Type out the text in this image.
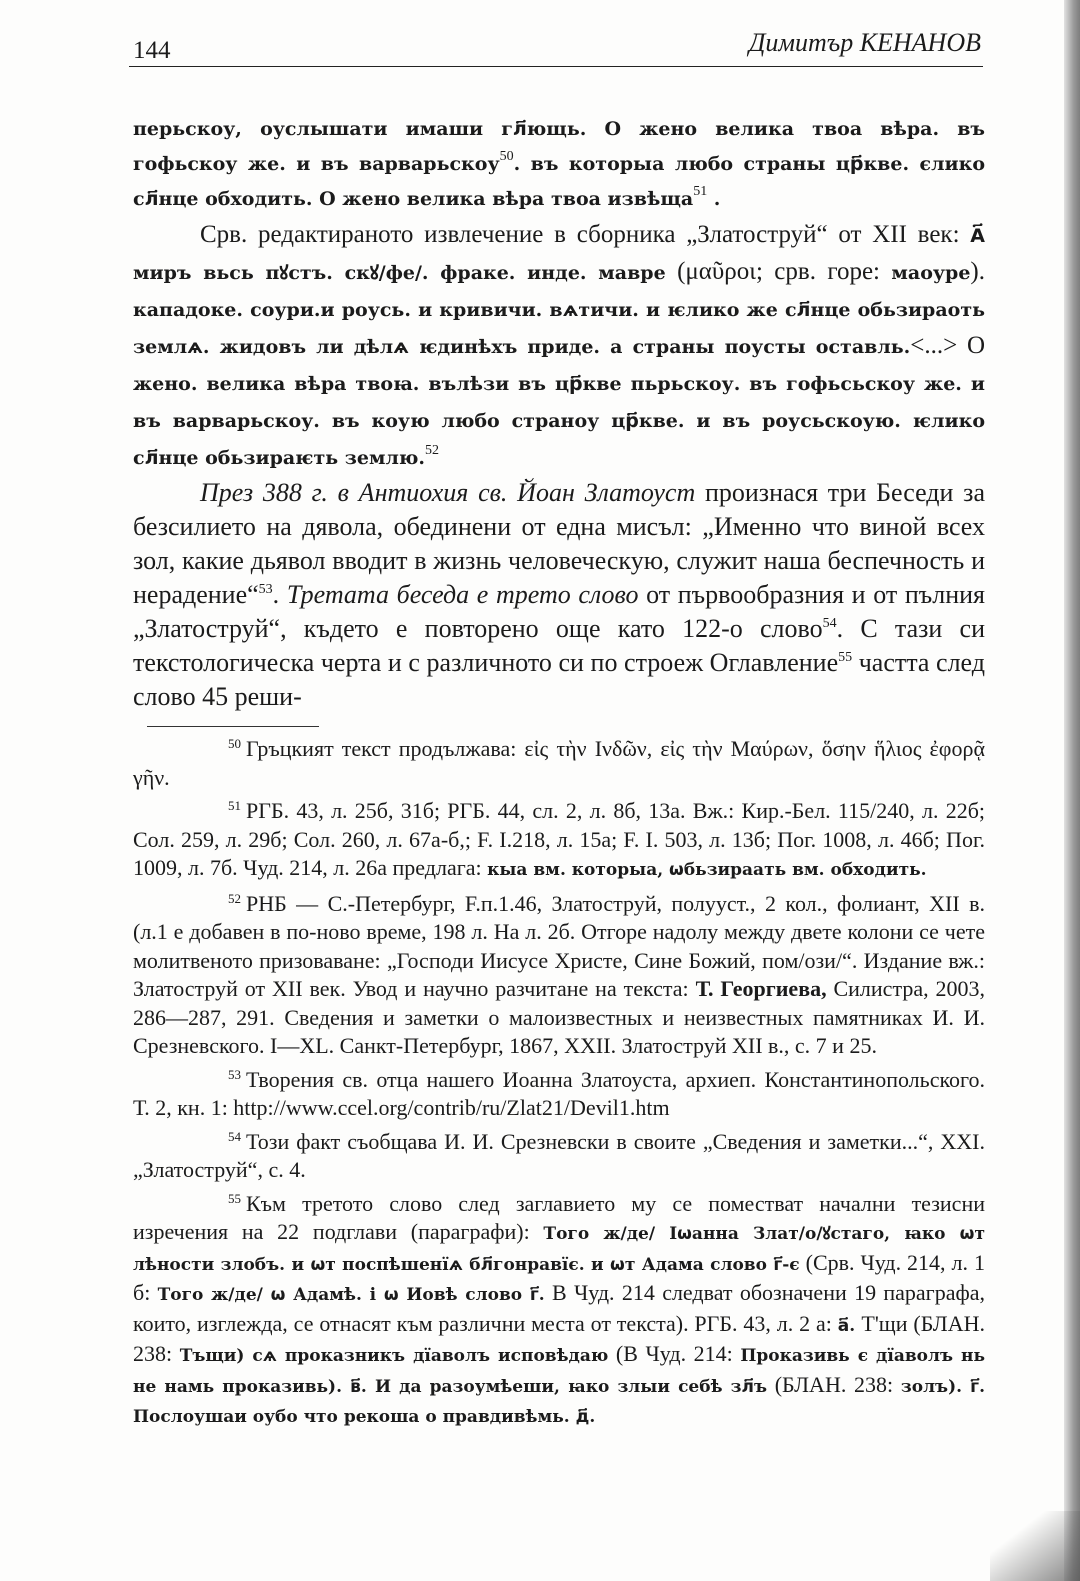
144	Димитър КЕНАНОВ

перьскоу, оуслышати имаши гл҃ющь. О жено велика твоа вѣра. въ гофьскоу же. и въ варварьскоу$^{50}$. въ которыа любо страны цр҃кве. єлико сл҃нце обходить. О жено велика вѣра твоа извѣща$^{51}$ .

Срв. редактираното извлечение в сборника „Златоструй“ от XII век: А҃ миръ вьсь пꙋстъ. скꙋ/фе/. фраке. инде. мавре (μαῦροι; срв. горе: маоуре). кападоке. соури.и роусь. и кривичи. вѧтичи. и ѥлико же сл҃нце обьзираоть землѧ. жидовъ ли дѣлѧ ѥдинѣхъ приде. а страны поусты оставль.<...> О жено. велика вѣра твоꙗ. вълѣзи въ цр҃кве пьрьскоу. въ гофьсьскоу же. и въ варварьскоу. въ коую любо страноу цр҃кве. и въ роусьскоую. ѥлико сл҃нце обьзираѥть землю.$^{52}$

През 388 г. в Антиохия св. Йоан Златоуст произнася три Беседи за безсилието на дявола, обединени от една мисъл: „Именно что виной всех зол, какие дьявол вводит в жизнь человеческую, служит наша беспечность и нерадение“$^{53}$. Третата беседа е трето слово от първообразния и от пълния „Златоструй“, където е повторено още като 122-о слово$^{54}$. С тази си текстологическа черта и с различното си по строеж Оглавление$^{55}$ частта след слово 45 реши-

$^{50}$ Гръцкият текст продължава: εἰς τὴν Ινδῶν, εἰς τὴν Μαύρων, ὅσην ἥλιος ἐφορᾷ γῆν.

$^{51}$ РГБ. 43, л. 25б, 31б; РГБ. 44, сл. 2, л. 8б, 13а. Вж.: Кир.-Бел. 115/240, л. 22б; Сол. 259, л. 29б; Сол. 260, л. 67а-б,; F. I.218, л. 15а; F. I. 503, л. 13б; Пог. 1008, л. 46б; Пог. 1009, л. 7б. Чуд. 214, л. 26а предлага: кыа вм. которыа, ѡбьзираать вм. обходить.

$^{52}$ РНБ — С.-Петербург, F.п.1.46, Златоструй, полууст., 2 кол., фолиант, XII в. (л.1 е добавен в по-ново време, 198 л. На л. 2б. Отгоре надолу между двете колони се чете молитвеното призоваване: „Господи Иисусе Христе, Сине Божий, пом/ози/“. Издание вж.: Златоструй от XII век. Увод и научно разчитане на текста: Т. Георгиева, Силистра, 2003, 286—287, 291. Сведения и заметки о малоизвестных и неизвестных памятниках И. И. Срезневского. I—XL. Санкт-Петербург, 1867, XXII. Златоструй XII в., с. 7 и 25.

$^{53}$ Творения св. отца нашего Иоанна Златоуста, архиеп. Константинопольского. Т. 2, кн. 1: http://www.ccel.org/contrib/ru/Zlat21/Devil1.htm

$^{54}$ Този факт съобщава И. И. Срезневски в своите „Сведения и заметки...“, XXI. „Златоструй“, с. 4.

$^{55}$ Към третото слово след заглавието му се поместват начални тезисни изречения на 22 подглави (параграфи): Того ж/де/ Іѡанна Злат/о/ꙋстаго, ꙗко ѡт лѣности злобъ. и ѡт поспѣшенїѧ бл҃гонравїє. и ѡт Адама слово г҃-є (Срв. Чуд. 214, л. 1 б: Того ж/де/ ѡ Адамѣ. і ѡ Иовѣ слово г҃. В Чуд. 214 следват обозначени 19 параграфа, които, изглежда, се отнасят към различни места от текста). РГБ. 43, л. 2 а: а҃. Т'щи (БЛАН. 238: Тъщи) сѧ проказникъ дїаволъ исповѣдаю (В Чуд. 214: Проказивь є дїаволъ нь не намь проказивь). в҃. И да разоумѣеши, ꙗко злыи себѣ зл҃ъ (БЛАН. 238: золъ). г҃. Послоушаи оубо что рекоша о правдивѣмь. д҃.
